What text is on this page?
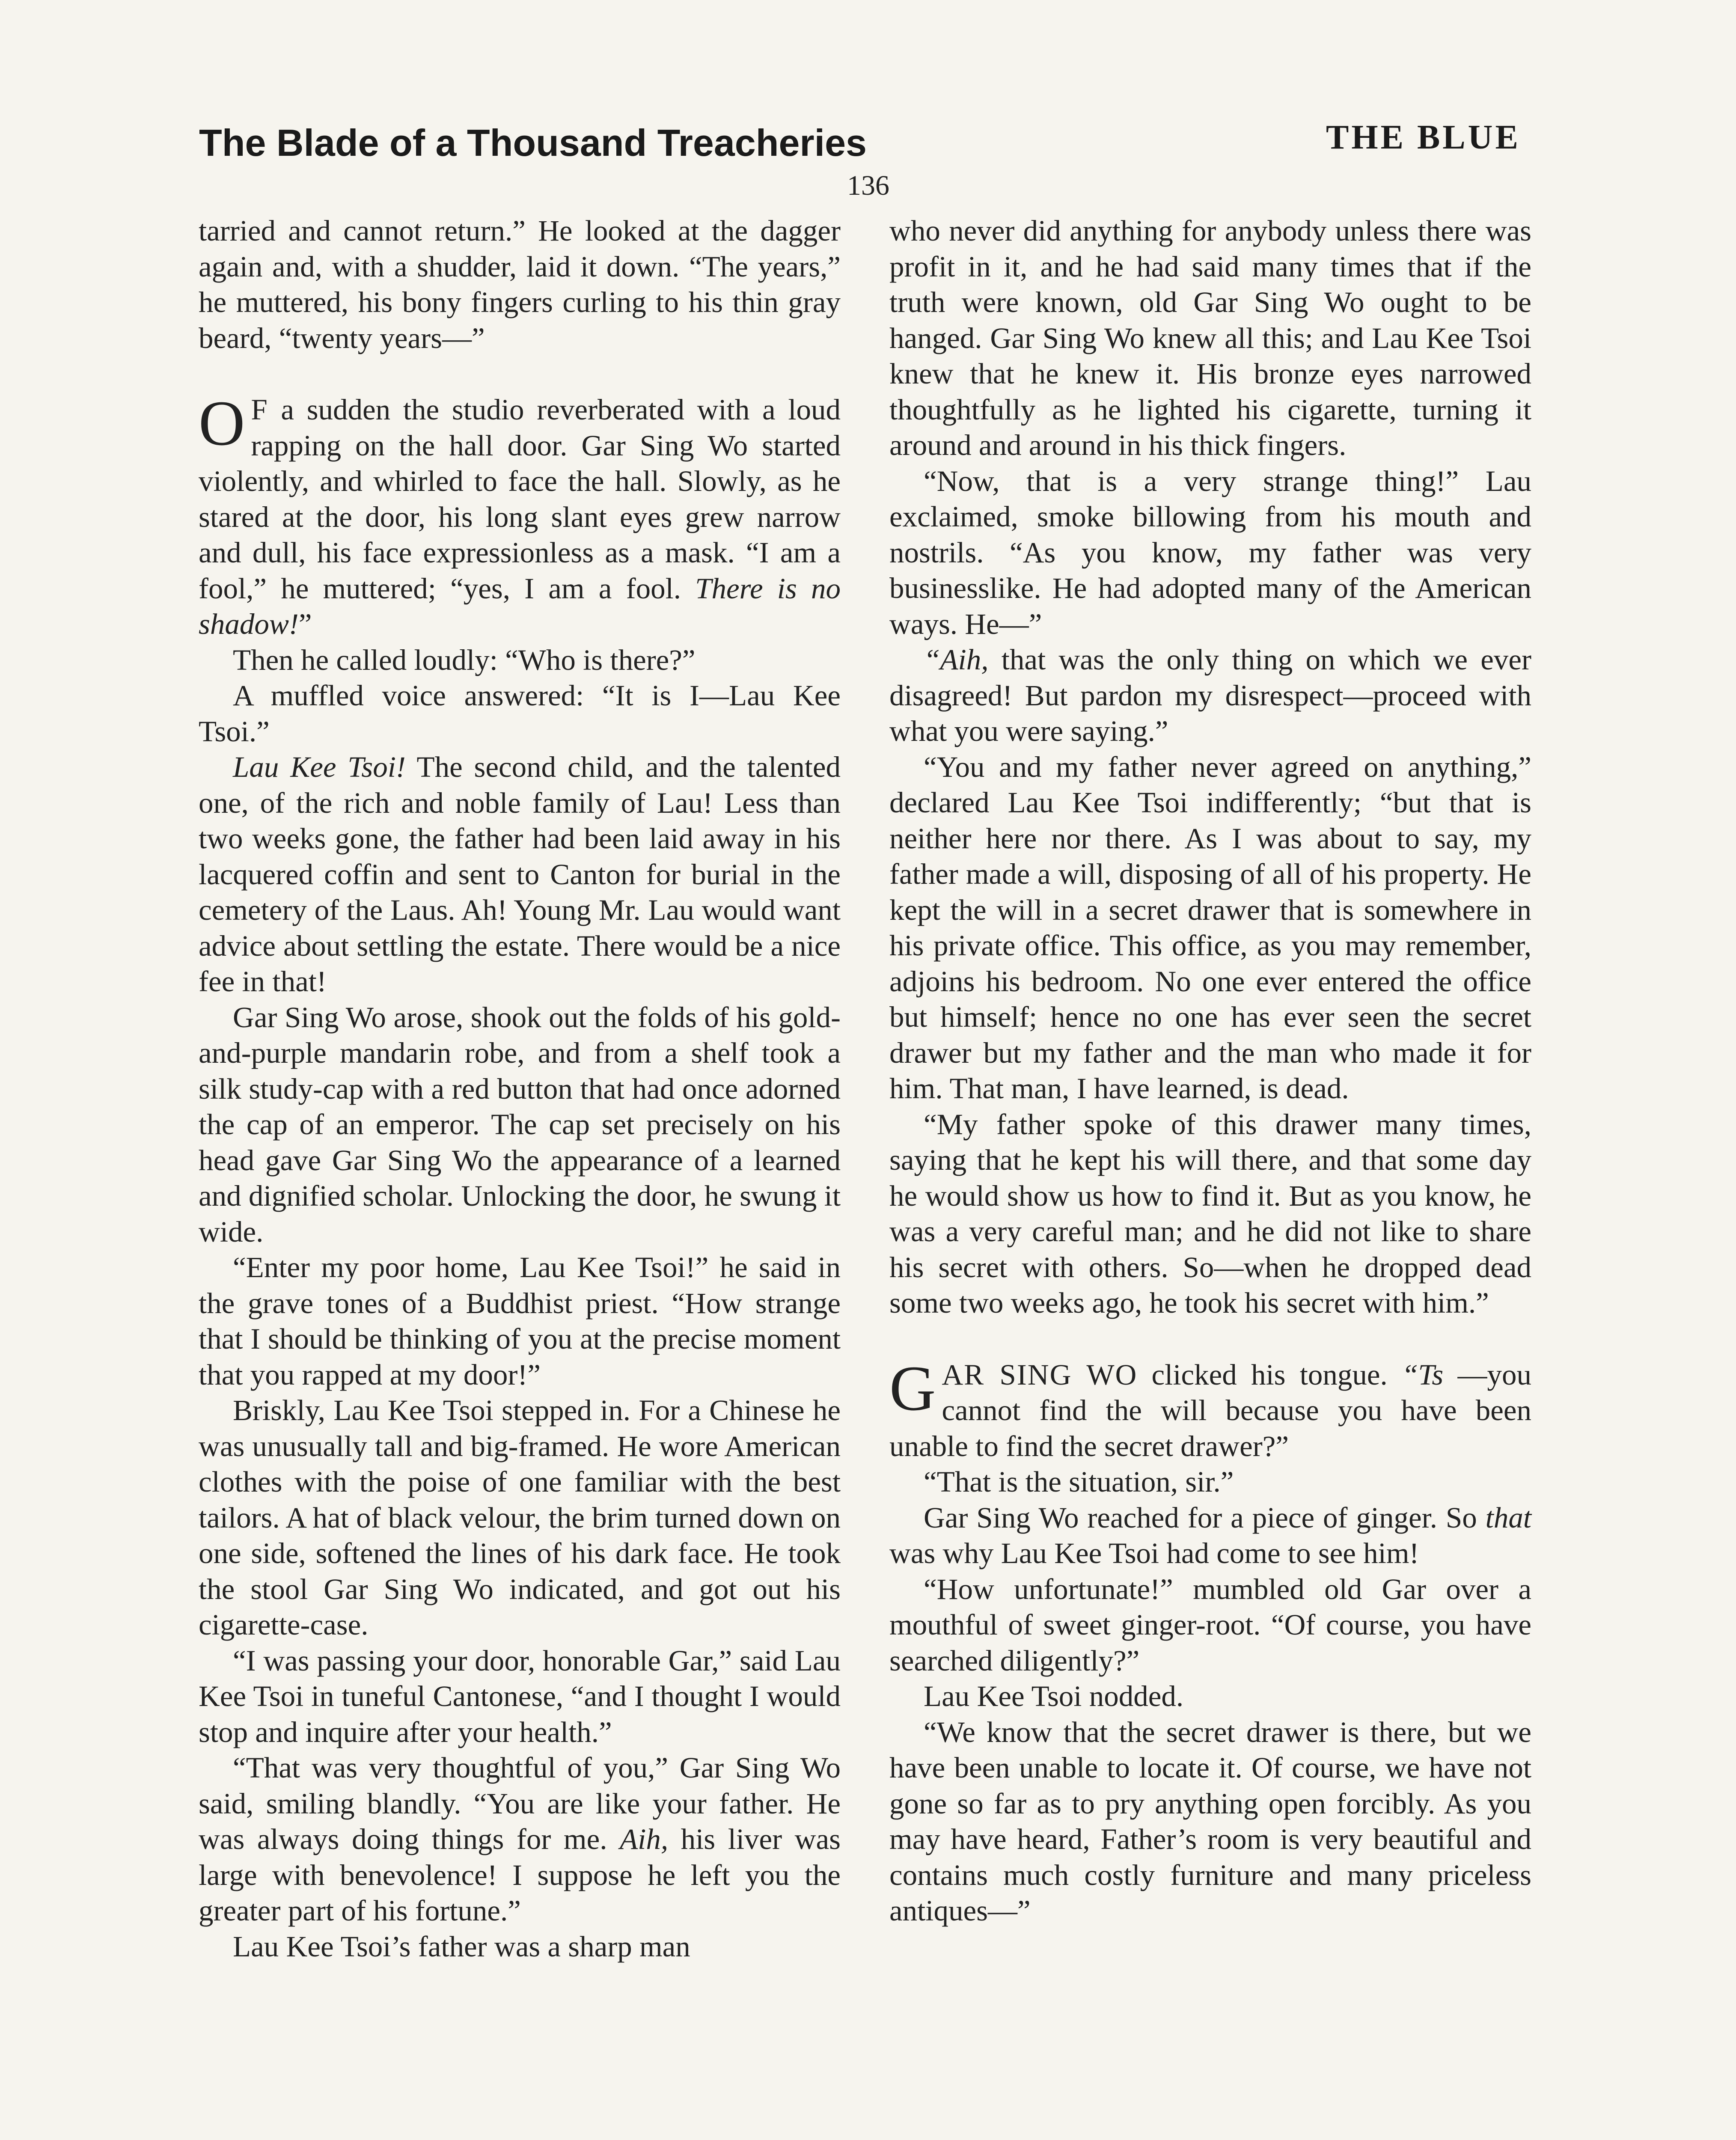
The Blade of a Thousand Treacheries	THE BLUE
136

tarried and cannot return.” He looked at the dagger again and, with a shudder, laid it down. “The years,” he muttered, his bony fingers curling to his thin gray beard, “twenty years—”

O F a sudden the studio reverberated with a loud rapping on the hall door. Gar Sing Wo started violently, and whirled to face the hall. Slowly, as he stared at the door, his long slant eyes grew narrow and dull, his face expressionless as a mask. “I am a fool,” he muttered; “yes, I am a fool. There is no shadow!”

Then he called loudly: “Who is there?”

A muffled voice answered: “It is I—Lau Kee Tsoi.”

Lau Kee Tsoi! The second child, and the talented one, of the rich and noble family of Lau! Less than two weeks gone, the father had been laid away in his lacquered coffin and sent to Canton for burial in the cemetery of the Laus. Ah! Young Mr. Lau would want advice about settling the estate. There would be a nice fee in that!

Gar Sing Wo arose, shook out the folds of his gold-and-purple mandarin robe, and from a shelf took a silk study-cap with a red button that had once adorned the cap of an emperor. The cap set precisely on his head gave Gar Sing Wo the appearance of a learned and dignified scholar. Unlocking the door, he swung it wide.

“Enter my poor home, Lau Kee Tsoi!” he said in the grave tones of a Buddhist priest. “How strange that I should be thinking of you at the precise moment that you rapped at my door!”

Briskly, Lau Kee Tsoi stepped in. For a Chinese he was unusually tall and big-framed. He wore American clothes with the poise of one familiar with the best tailors. A hat of black velour, the brim turned down on one side, softened the lines of his dark face. He took the stool Gar Sing Wo indicated, and got out his cigarette-case.

“I was passing your door, honorable Gar,” said Lau Kee Tsoi in tuneful Cantonese, “and I thought I would stop and inquire after your health.”

“That was very thoughtful of you,” Gar Sing Wo said, smiling blandly. “You are like your father. He was always doing things for me. Aih, his liver was large with benevolence! I suppose he left you the greater part of his fortune.”

Lau Kee Tsoi’s father was a sharp man

who never did anything for anybody unless there was profit in it, and he had said many times that if the truth were known, old Gar Sing Wo ought to be hanged. Gar Sing Wo knew all this; and Lau Kee Tsoi knew that he knew it. His bronze eyes narrowed thoughtfully as he lighted his cigarette, turning it around and around in his thick fingers.

“Now, that is a very strange thing!” Lau exclaimed, smoke billowing from his mouth and nostrils. “As you know, my father was very businesslike. He had adopted many of the American ways. He—”

“Aih, that was the only thing on which we ever disagreed! But pardon my disrespect—proceed with what you were saying.”

“You and my father never agreed on anything,” declared Lau Kee Tsoi indifferently; “but that is neither here nor there. As I was about to say, my father made a will, disposing of all of his property. He kept the will in a secret drawer that is somewhere in his private office. This office, as you may remember, adjoins his bedroom. No one ever entered the office but himself; hence no one has ever seen the secret drawer but my father and the man who made it for him. That man, I have learned, is dead.

“My father spoke of this drawer many times, saying that he kept his will there, and that some day he would show us how to find it. But as you know, he was a very careful man; and he did not like to share his secret with others. So—when he dropped dead some two weeks ago, he took his secret with him.”

GAR SING WO clicked his tongue. “Ts —you cannot find the will because you have been unable to find the secret drawer?”

“That is the situation, sir.”

Gar Sing Wo reached for a piece of ginger. So that was why Lau Kee Tsoi had come to see him!

“How unfortunate!” mumbled old Gar over a mouthful of sweet ginger-root. “Of course, you have searched diligently?”

Lau Kee Tsoi nodded.

“We know that the secret drawer is there, but we have been unable to locate it. Of course, we have not gone so far as to pry anything open forcibly. As you may have heard, Father’s room is very beautiful and contains much costly furniture and many priceless antiques—”
